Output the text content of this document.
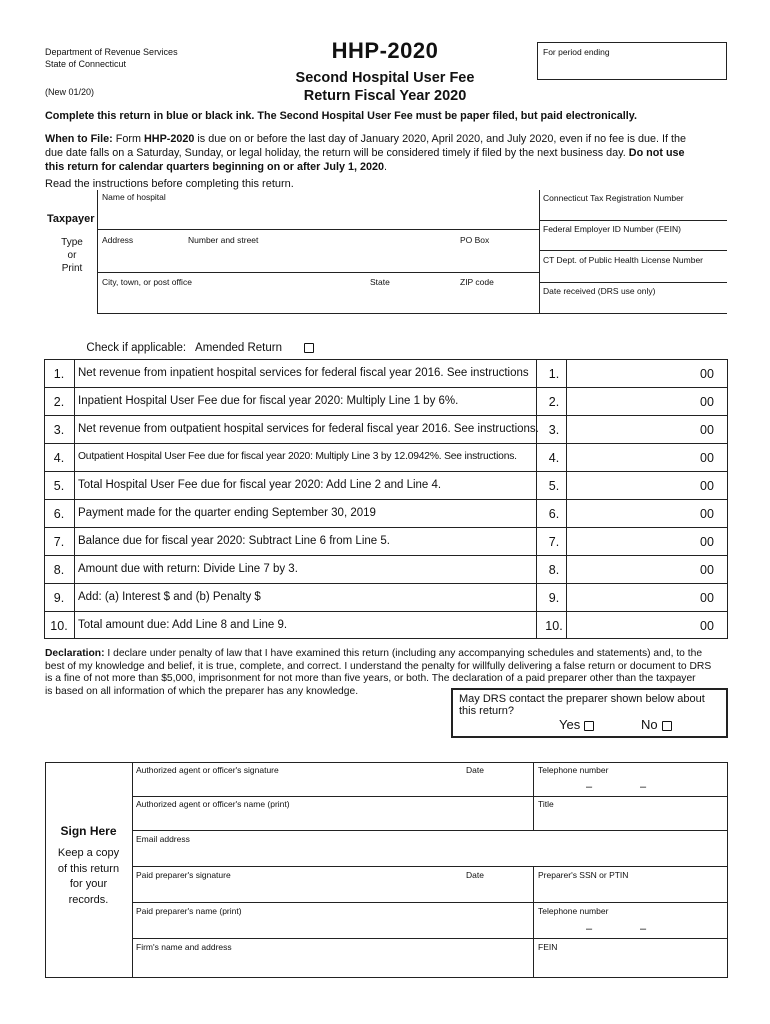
Department of Revenue Services
State of Connecticut
(New 01/20)
HHP-2020
Second Hospital User Fee
Return Fiscal Year 2020
For period ending
Complete this return in blue or black ink. The Second Hospital User Fee must be paper filed, but paid electronically.
When to File: Form HHP-2020 is due on or before the last day of January 2020, April 2020, and July 2020, even if no fee is due. If the
due date falls on a Saturday, Sunday, or legal holiday, the return will be considered timely if filed by the next business day. Do not use
this return for calendar quarters beginning on or after July 1, 2020.
Read the instructions before completing this return.
Taxpayer
Type
or
Print
Name of hospital
Address	Number and street	PO Box
City, town, or post office	State	ZIP code
Connecticut Tax Registration Number
Federal Employer ID Number (FEIN)
CT Dept. of Public Health License Number
Date received (DRS use only)

Check if applicable:   Amended Return

1.	Net revenue from inpatient hospital services for federal fiscal year 2016. See instructions	1.	00
2.	Inpatient Hospital User Fee due for fiscal year 2020: Multiply Line 1 by 6%.	2.	00
3.	Net revenue from outpatient hospital services for federal fiscal year 2016. See instructions. 3.	00
4.	Outpatient Hospital User Fee due for fiscal year 2020: Multiply Line 3 by 12.0942%. See instructions.	4.	00
5.	Total Hospital User Fee due for fiscal year 2020: Add Line 2 and Line 4.	5.	00
6.	Payment made for the quarter ending September 30, 2019	6.	00
7.	Balance due for fiscal year 2020: Subtract Line 6 from Line 5.	7.	00
8.	Amount due with return: Divide Line 7 by 3.	8.	00
9.	Add: (a) Interest $ and (b) Penalty $	9.	00
10. Total amount due: Add Line 8 and Line 9.	10.	00
Declaration: I declare under penalty of law that I have examined this return (including any accompanying schedules and statements) and, to the
best of my knowledge and belief, it is true, complete, and correct. I understand the penalty for willfully delivering a false return or document to DRS
is a fine of not more than $5,000, imprisonment for not more than five years, or both. The declaration of a paid preparer other than the taxpayer
is based on all information of which the preparer has any knowledge.
May DRS contact the preparer shown below about
this return?
Yes	No
Sign Here
Keep a copy
of this return
for your
records.
Authorized agent or officer's signature	Date	Telephone number
–	–
Authorized agent or officer's name (print)	Title
Email address
Paid preparer's signature	Date	Preparer's SSN or PTIN
Paid preparer's name (print)	Telephone number
–	–
Firm's name and address	FEIN
